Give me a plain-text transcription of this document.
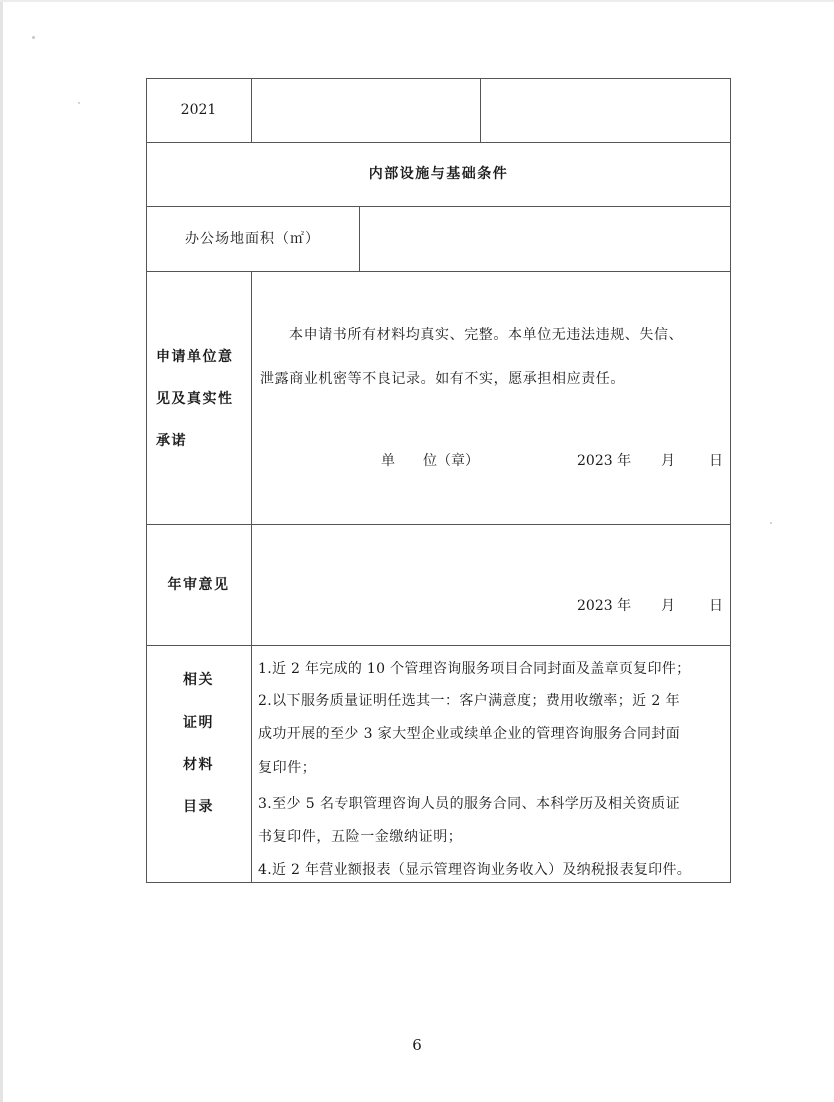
2021
内部设施与基础条件
办公场地面积（㎡）
申请单位意
见及真实性
承诺
本申请书所有材料均真实、完整。本单位无违法违规、失信、
泄露商业机密等不良记录。如有不实，愿承担相应责任。
单　　位（章）	2023 年 月 日
年审意见
2023 年 月 日
相关
证明
材料
目录
1.近 2 年完成的 10 个管理咨询服务项目合同封面及盖章页复印件；
2.以下服务质量证明任选其一：客户满意度；费用收缴率；近 2 年
成功开展的至少 3 家大型企业或续单企业的管理咨询服务合同封面
复印件；
3.至少 5 名专职管理咨询人员的服务合同、本科学历及相关资质证
书复印件，五险一金缴纳证明；
4.近 2 年营业额报表（显示管理咨询业务收入）及纳税报表复印件。
6
